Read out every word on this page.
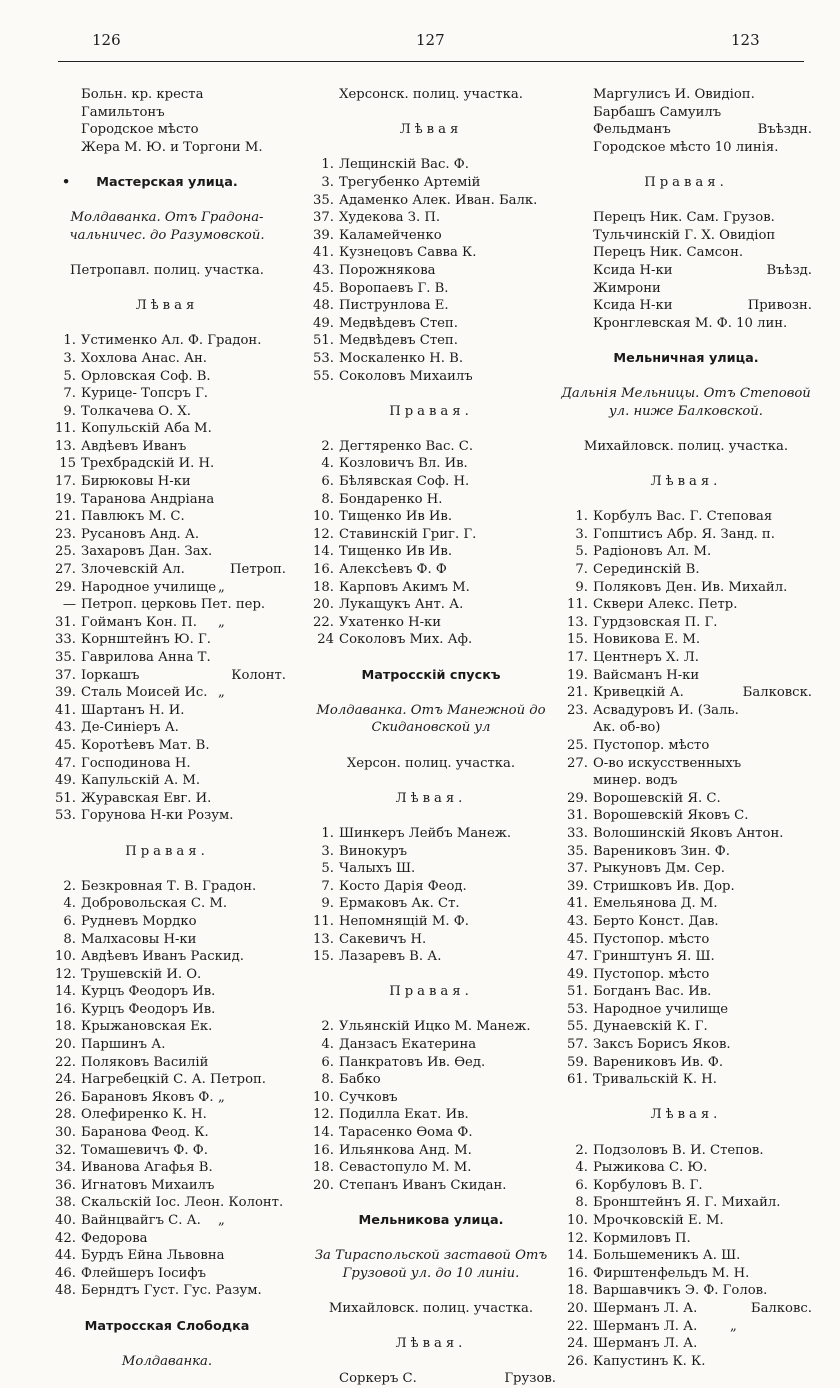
126	127	123
Больн. кр. креста
Гамильтонъ
Городское мѣсто
Жера М. Ю. и Торгони М.
Мастерская улица.
•
Молдаванка. Отъ Градона-чальничес. до Разумовской.
Петропавл. полиц. участка.
Лѣвая
1. Устименко Ал. Ф. Градон.
3. Хохлова Анас. Ан.
5. Орловская Соф. В.
7. Курице- Топсръ Г.
9. Толкачева О. Х.
11. Копульскій Аба М.
13. Авдѣевъ Иванъ
15 Трехбрадскій И. Н.
17. Бирюковы Н-ки
19. Таранова Андріана
21. Павлюкъ М. С.
23. Русановъ Анд. А.
25. Захаровъ Дан. Зах.
27. Злочевскій Ал.	Петроп.
29. Народное училище „
— Петроп. церковь Пет. пер.
31. Гойманъ Кон. П. „
33. Корнштейнъ Ю. Г.
35. Гаврилова Анна Т.
37. Іоркашъ	Колонт.
39. Сталь Моисей Ис. „
41. Шартанъ Н. И.
43. Де-Синіеръ А.
45. Коротѣевъ Мат. В.
47. Господинова Н.
49. Капульскій А. М.
51. Журавская Евг. И.
53. Горунова Н-ки Розум.
Правая.
2. Безкровная Т. В. Градон.
4. Добровольская С. М.
6. Рудневъ Мордко
8. Малхасовы Н-ки
10. Авдѣевъ Иванъ Раскид.
12. Трушевскій И. О.
14. Курцъ Феодоръ Ив.
16. Курцъ Феодоръ Ив.
18. Крыжановская Ек.
20. Паршинъ А.
22. Поляковъ Василій
24. Нагребецкій С. А. Петроп.
26. Барановъ Яковъ Ф. „
28. Олефиренко К. Н.
30. Баранова Феод. К.
32. Томашевичъ Ф. Ф.
34. Иванова Агафья В.
36. Игнатовъ Михаилъ
38. Скальскій Іос. Леон. Колонт.
40. Вайнцвайгъ С. А. „
42. Федорова
44. Бурдъ Ейна Львовна
46. Флейшеръ Іосифъ
48. Берндтъ Густ. Гус. Разум.
Матросская Слободка
Молдаванка.
Херсонск. полиц. участка.
Лѣвая
1. Лещинскій Вас. Ф.
3. Трегубенко Артемій
35. Адаменко Алек. Иван. Балк.
37. Худекова З. П.
39. Каламейченко
41. Кузнецовъ Савва К.
43. Порожнякова
45. Воропаевъ Г. В.
48. Пиструнлова Е.
49. Медвѣдевъ Степ.
51. Медвѣдевъ Степ.
53. Москаленко Н. В.
55. Соколовъ Михаилъ
Правая.
2. Дегтяренко Вас. С.
4. Козловичъ Вл. Ив.
6. Бѣлявская Соф. Н.
8. Бондаренко Н.
10. Тищенко Ив Ив.
12. Ставинскій Григ. Г.
14. Тищенко Ив Ив.
16. Алексѣевъ Ф. Ф
18. Карповъ Акимъ М.
20. Лукащукъ Ант. А.
22. Ухатенко Н-ки
24 Соколовъ Мих. Аф.
Матросскій спускъ
Молдаванка. Отъ Манежной до Скидановской ул
Херсон. полиц. участка.
Лѣвая.
1. Шинкеръ Лейбъ Манеж.
3. Винокуръ
5. Чалыхъ Ш.
7. Косто Дарія Феод.
9. Ермаковъ Ак. Ст.
11. Непомнящій М. Ф.
13. Сакевичъ Н.
15. Лазаревъ В. А.
Правая.
2. Ульянскій Ицко М. Манеж.
4. Данзасъ Екатерина
6. Панкратовъ Ив. Ѳед.
8. Бабко
10. Сучковъ
12. Подилла Екат. Ив.
14. Тарасенко Ѳома Ф.
16. Ильянкова Анд. М.
18. Севастопуло М. М.
20. Степанъ Иванъ Скидан.
Мельникова улица.
За Тираспольской заставой Отъ Грузовой ул. до 10 линіи.
Михайловск. полиц. участка.
Лѣвая.
Соркеръ С.	Грузов.
Маргулисъ И. Овидіоп.
Барбашъ Самуилъ
Фельдманъ	Въѣздн.
Городское мѣсто 10 линія.
Правая.
Перецъ Ник. Сам. Грузов.
Тульчинскій Г. Х. Овидіоп
Перецъ Ник. Самсон.
Ксида Н-ки	Въѣзд.
Жимрони
Ксида Н-ки	Привозн.
Кронглевская М. Ф. 10 лин.
Мельничная улица.
Дальнія Мельницы. Отъ Степовой ул. ниже Балковской.
Михайловск. полиц. участка.
Лѣвая.
1. Корбулъ Вас. Г. Степовая
3. Гопштисъ Абр. Я. Занд. п.
5. Радіоновъ Ал. М.
7. Серединскій В.
9. Поляковъ Ден. Ив. Михайл.
11. Сквери Алекс. Петр.
13. Гурдзовская П. Г.
15. Новикова Е. М.
17. Центнеръ Х. Л.
19. Вайсманъ Н-ки
21. Кривецкій А.	Балковск.
23. Асвадуровъ И. (Заль.
Ак. об-во)
25. Пустопор. мѣсто
27. О-во искусственныхъ
минер. водъ
29. Ворошевскій Я. С.
31. Ворошевскій Яковъ С.
33. Волошинскій Яковъ Антон.
35. Варениковъ Зин. Ф.
37. Рыкуновъ Дм. Сер.
39. Стришковъ Ив. Дор.
41. Емельянова Д. М.
43. Берто Конст. Дав.
45. Пустопор. мѣсто
47. Гринштунъ Я. Ш.
49. Пустопор. мѣсто
51. Богданъ Вас. Ив.
53. Народное училище
55. Дунаевскій К. Г.
57. Заксъ Борисъ Яков.
59. Варениковъ Ив. Ф.
61. Тривальскій К. Н.
Лѣвая.
2. Подзоловъ В. И. Степов.
4. Рыжикова С. Ю.
6. Корбуловъ В. Г.
8. Бронштейнъ Я. Г. Михайл.
10. Мрочковскій Е. М.
12. Кормиловъ П.
14. Большеменикъ А. Ш.
16. Фирштенфельдъ М. Н.
18. Варшавчикъ Э. Ф. Голов.
20. Шерманъ Л. А.	Балковс.
22. Шерманъ Л. А. „
24. Шерманъ Л. А.
26. Капустинъ К. К.
